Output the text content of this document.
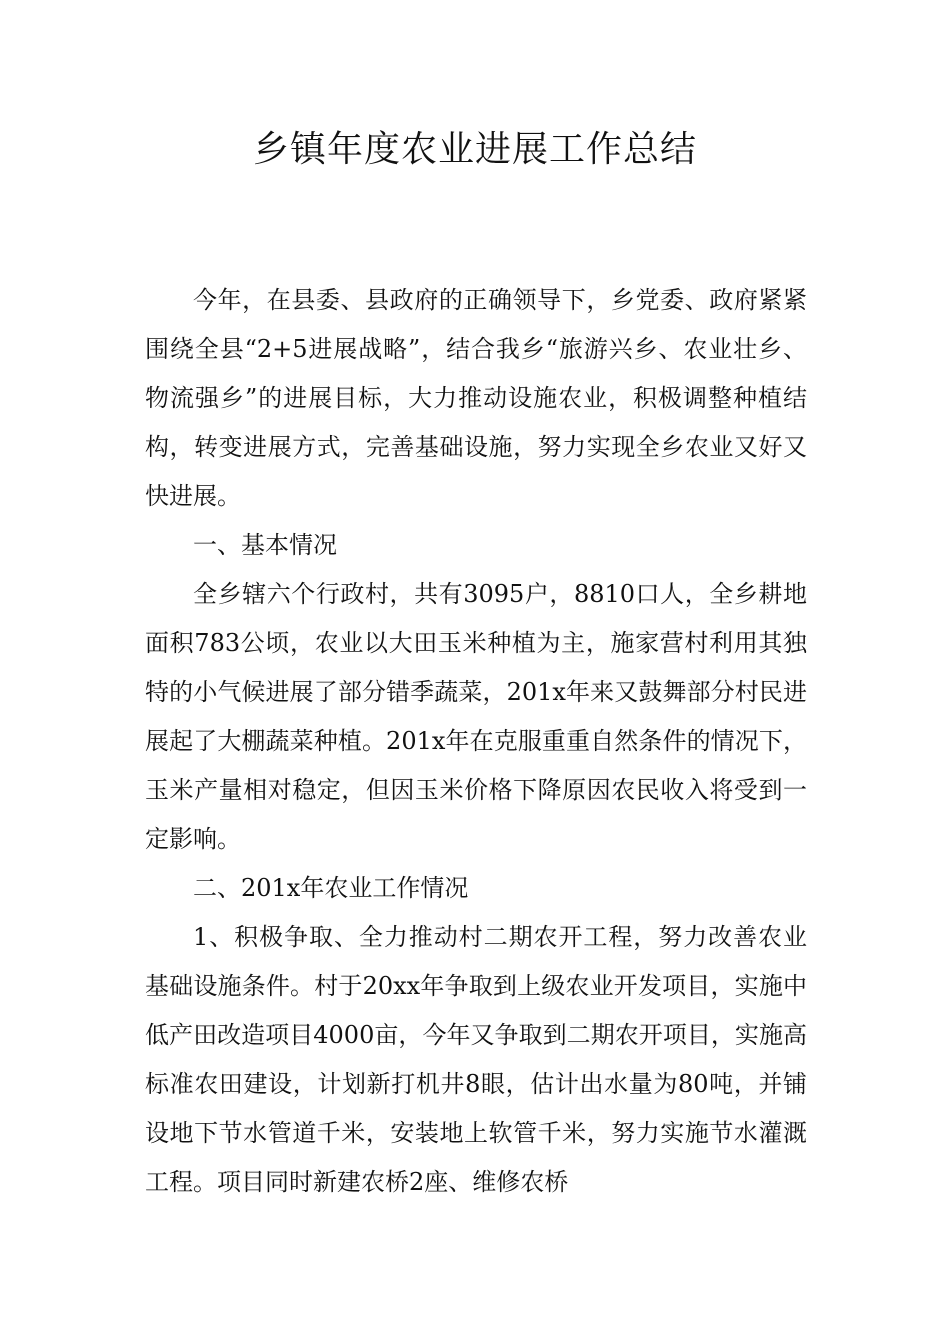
乡镇年度农业进展工作总结

今年，在县委、县政府的正确领导下，乡党委、政府紧紧围绕全县“2+5进展战略”，结合我乡“旅游兴乡、农业壮乡、物流强乡”的进展目标，大力推动设施农业，积极调整种植结构，转变进展方式，完善基础设施，努力实现全乡农业又好又快进展。

一、基本情况

全乡辖六个行政村，共有3095户，8810口人，全乡耕地面积783公顷，农业以大田玉米种植为主，施家营村利用其独特的小气候进展了部分错季蔬菜，201x年来又鼓舞部分村民进展起了大棚蔬菜种植。201x年在克服重重自然条件的情况下，玉米产量相对稳定，但因玉米价格下降原因农民收入将受到一定影响。

二、201x年农业工作情况

1、积极争取、全力推动村二期农开工程，努力改善农业基础设施条件。村于20xx年争取到上级农业开发项目，实施中低产田改造项目4000亩，今年又争取到二期农开项目，实施高标准农田建设，计划新打机井8眼，估计出水量为80吨，并铺设地下节水管道千米，安装地上软管千米，努力实施节水灌溉工程。项目同时新建农桥2座、维修农桥
